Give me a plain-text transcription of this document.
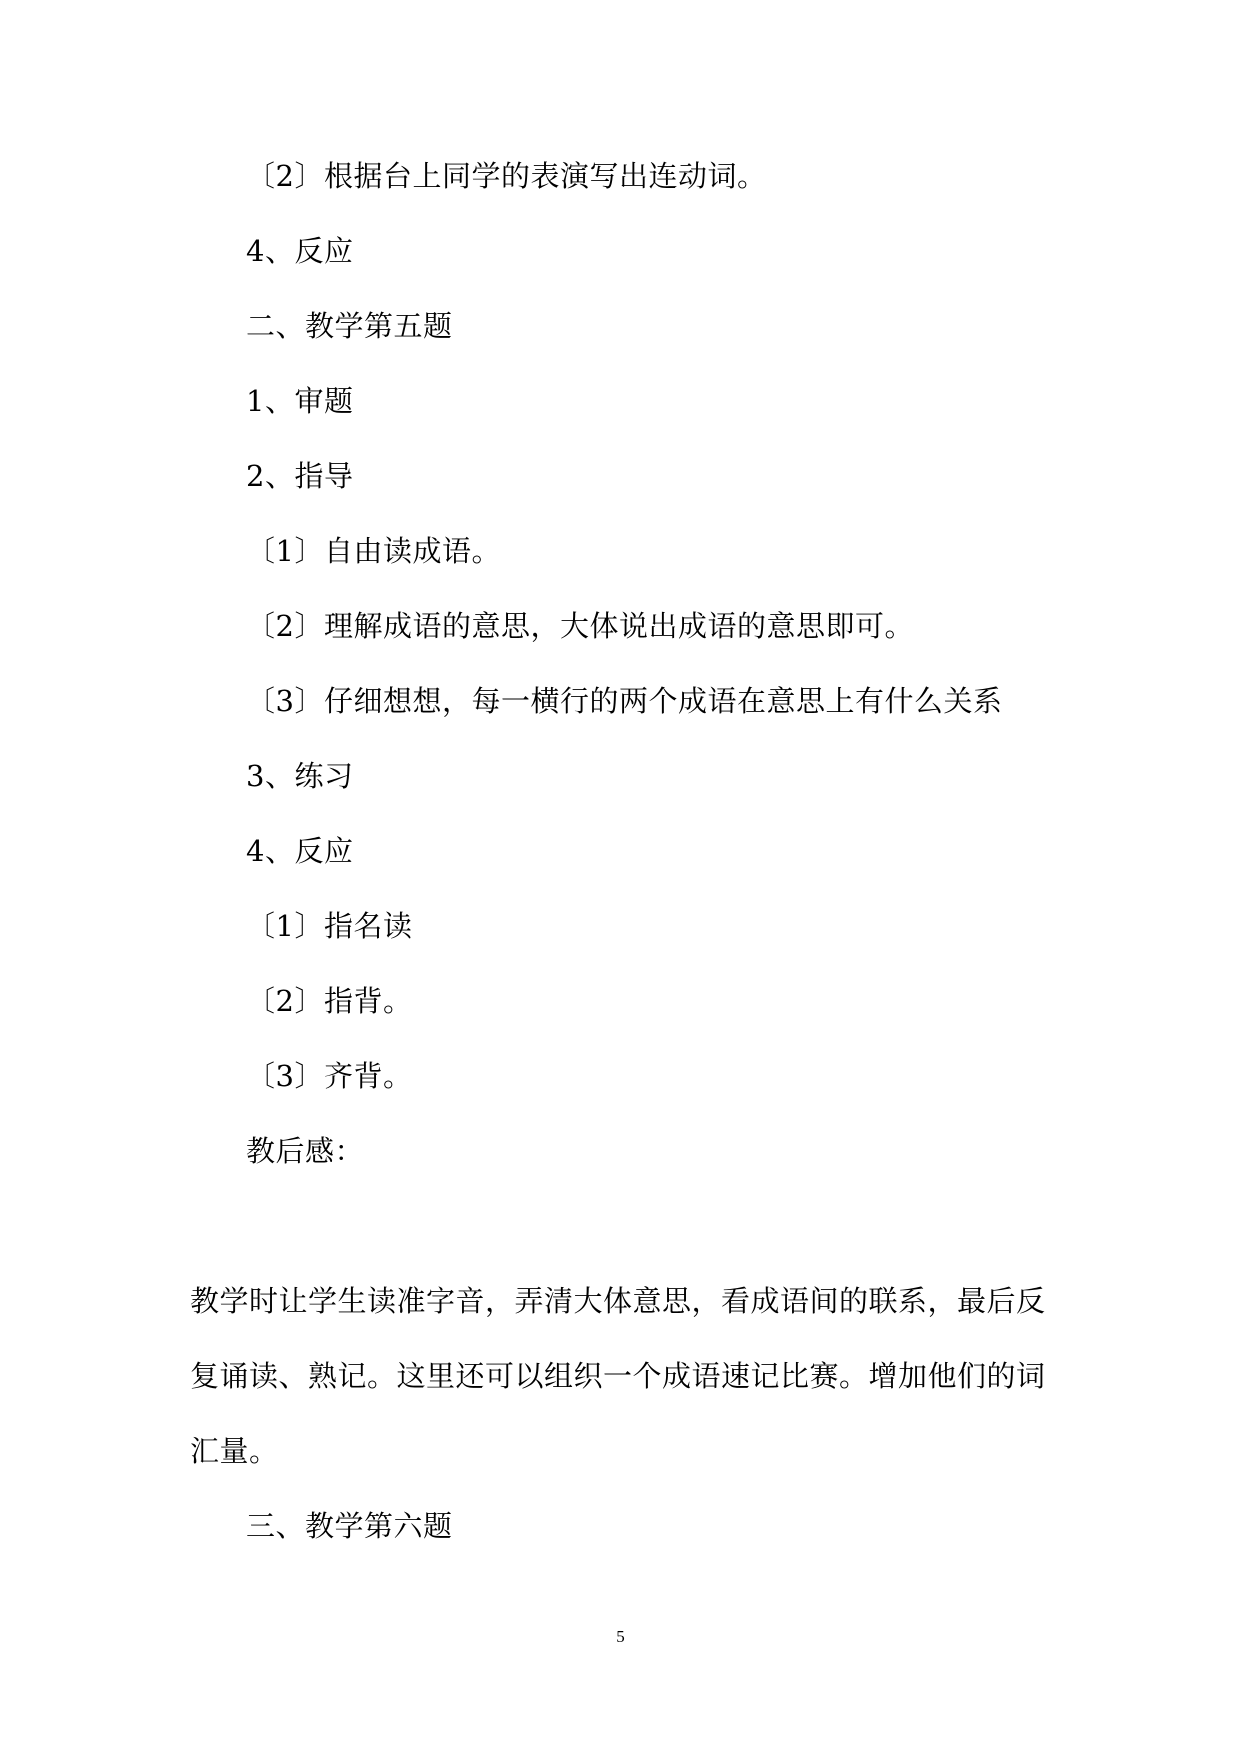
〔2〕根据台上同学的表演写出连动词。
4、反应
二、教学第五题
1、审题
2、指导
〔1〕自由读成语。
〔2〕理解成语的意思，大体说出成语的意思即可。
〔3〕仔细想想，每一横行的两个成语在意思上有什么关系
3、练习
4、反应
〔1〕指名读
〔2〕指背。
〔3〕齐背。
教后感：
教学时让学生读准字音，弄清大体意思，看成语间的联系，最后反
复诵读、熟记。这里还可以组织一个成语速记比赛。增加他们的词
汇量。
三、教学第六题
5
